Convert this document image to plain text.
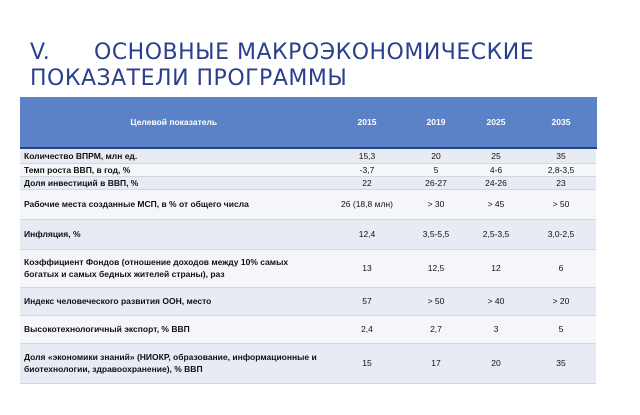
V. ОСНОВНЫЕ МАКРОЭКОНОМИЧЕСКИЕ
ПОКАЗАТЕЛИ ПРОГРАММЫ
Целевой показатель	2015	2019	2025	2035
Количество ВПРМ, млн ед.	15,3	20	25	35
Темп роста ВВП, в год, %	-3,7	5	4-6	2,8-3,5
Доля инвестиций в ВВП, %	22	26-27	24-26	23
Рабочие места созданные МСП, в % от общего числа	26 (18,8 млн)	> 30	> 45	> 50
Инфляция, %	12,4	3,5-5,5	2,5-3,5	3,0-2,5
Коэффициент Фондов (отношение доходов между 10% самых богатых и самых бедных жителей страны), раз	13	12,5	12	6
Индекс человеческого развития ООН, место	57	> 50	> 40	> 20
Высокотехнологичный экспорт, % ВВП	2,4	2,7	3	5
Доля «экономики знаний» (НИОКР, образование, информационные и биотехнологии, здравоохранение), % ВВП	15	17	20	35
